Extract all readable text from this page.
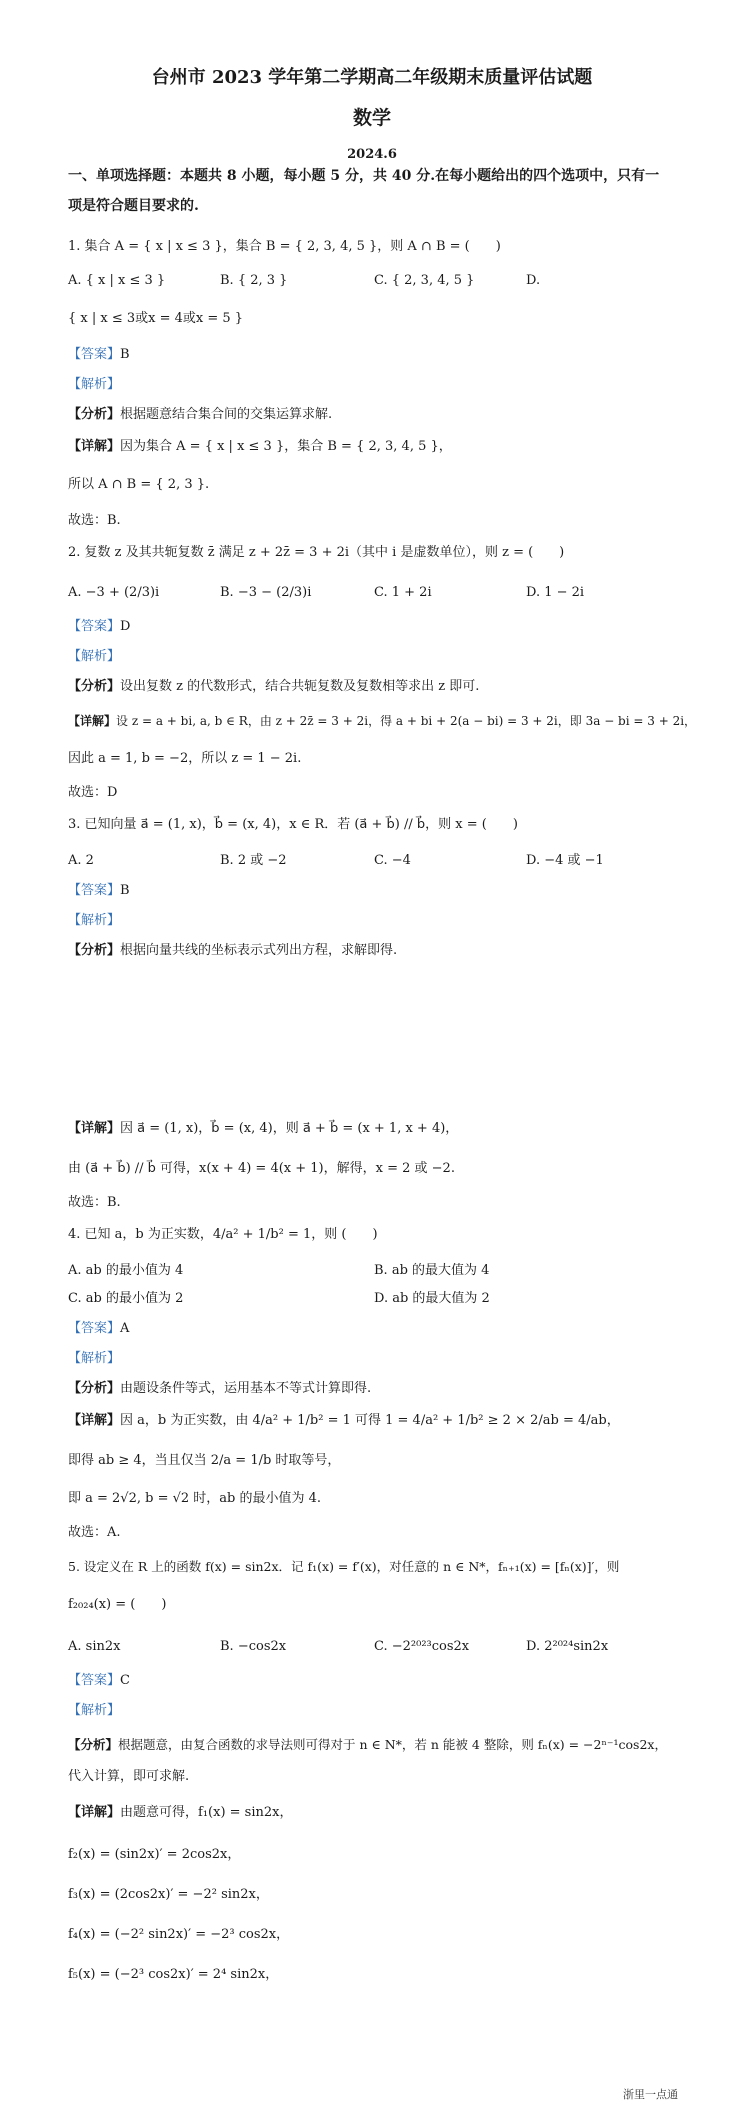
台州市 2023 学年第二学期高二年级期末质量评估试题
数学
2024.6
一、单项选择题：本题共 8 小题，每小题 5 分，共 40 分.在每小题给出的四个选项中，只有一
项是符合题目要求的.
1. 集合 A = { x | x ≤ 3 }，集合 B = { 2, 3, 4, 5 }，则 A ∩ B = (　　)
A. { x | x ≤ 3 }	B. { 2, 3 }	C. { 2, 3, 4, 5 }	D.
{ x | x ≤ 3或x = 4或x = 5 }
【答案】B
【解析】
【分析】根据题意结合集合间的交集运算求解.
【详解】因为集合 A = { x | x ≤ 3 }，集合 B = { 2, 3, 4, 5 }，
所以 A ∩ B = { 2, 3 }.
故选：B.
2. 复数 z 及其共轭复数 z̄ 满足 z + 2z̄ = 3 + 2i（其中 i 是虚数单位），则 z = (　　)
A. −3 + (2/3)i	B. −3 − (2/3)i	C. 1 + 2i	D. 1 − 2i
【答案】D
【解析】
【分析】设出复数 z 的代数形式，结合共轭复数及复数相等求出 z 即可.
【详解】设 z = a + bi, a, b ∈ R，由 z + 2z̄ = 3 + 2i，得 a + bi + 2(a − bi) = 3 + 2i，即 3a − bi = 3 + 2i，
因此 a = 1, b = −2，所以 z = 1 − 2i.
故选：D
3. 已知向量 a⃗ = (1, x)，b⃗ = (x, 4)，x ∈ R．若 (a⃗ + b⃗) // b⃗，则 x = (　　)
A. 2	B. 2 或 −2	C. −4	D. −4 或 −1
【答案】B
【解析】
【分析】根据向量共线的坐标表示式列出方程，求解即得.
【详解】因 a⃗ = (1, x)，b⃗ = (x, 4)，则 a⃗ + b⃗ = (x + 1, x + 4)，
由 (a⃗ + b⃗) // b⃗ 可得，x(x + 4) = 4(x + 1)，解得，x = 2 或 −2.
故选：B.
4. 已知 a，b 为正实数，4/a² + 1/b² = 1，则 (　　)
A. ab 的最小值为 4	B. ab 的最大值为 4
C. ab 的最小值为 2	D. ab 的最大值为 2
【答案】A
【解析】
【分析】由题设条件等式，运用基本不等式计算即得.
【详解】因 a，b 为正实数，由 4/a² + 1/b² = 1 可得 1 = 4/a² + 1/b² ≥ 2 × 2/ab = 4/ab，
即得 ab ≥ 4，当且仅当 2/a = 1/b 时取等号，
即 a = 2√2, b = √2 时，ab 的最小值为 4.
故选：A.
5. 设定义在 R 上的函数 f(x) = sin2x．记 f₁(x) = f′(x)，对任意的 n ∈ N*，fₙ₊₁(x) = [fₙ(x)]′，则
f₂₀₂₄(x) = (　　)
A. sin2x	B. −cos2x	C. −2²⁰²³cos2x	D. 2²⁰²⁴sin2x
【答案】C
【解析】
【分析】根据题意，由复合函数的求导法则可得对于 n ∈ N*，若 n 能被 4 整除，则 fₙ(x) = −2ⁿ⁻¹cos2x，
代入计算，即可求解.
【详解】由题意可得，f₁(x) = sin2x，
f₂(x) = (sin2x)′ = 2cos2x，
f₃(x) = (2cos2x)′ = −2² sin2x，
f₄(x) = (−2² sin2x)′ = −2³ cos2x，
f₅(x) = (−2³ cos2x)′ = 2⁴ sin2x，
浙里一点通
